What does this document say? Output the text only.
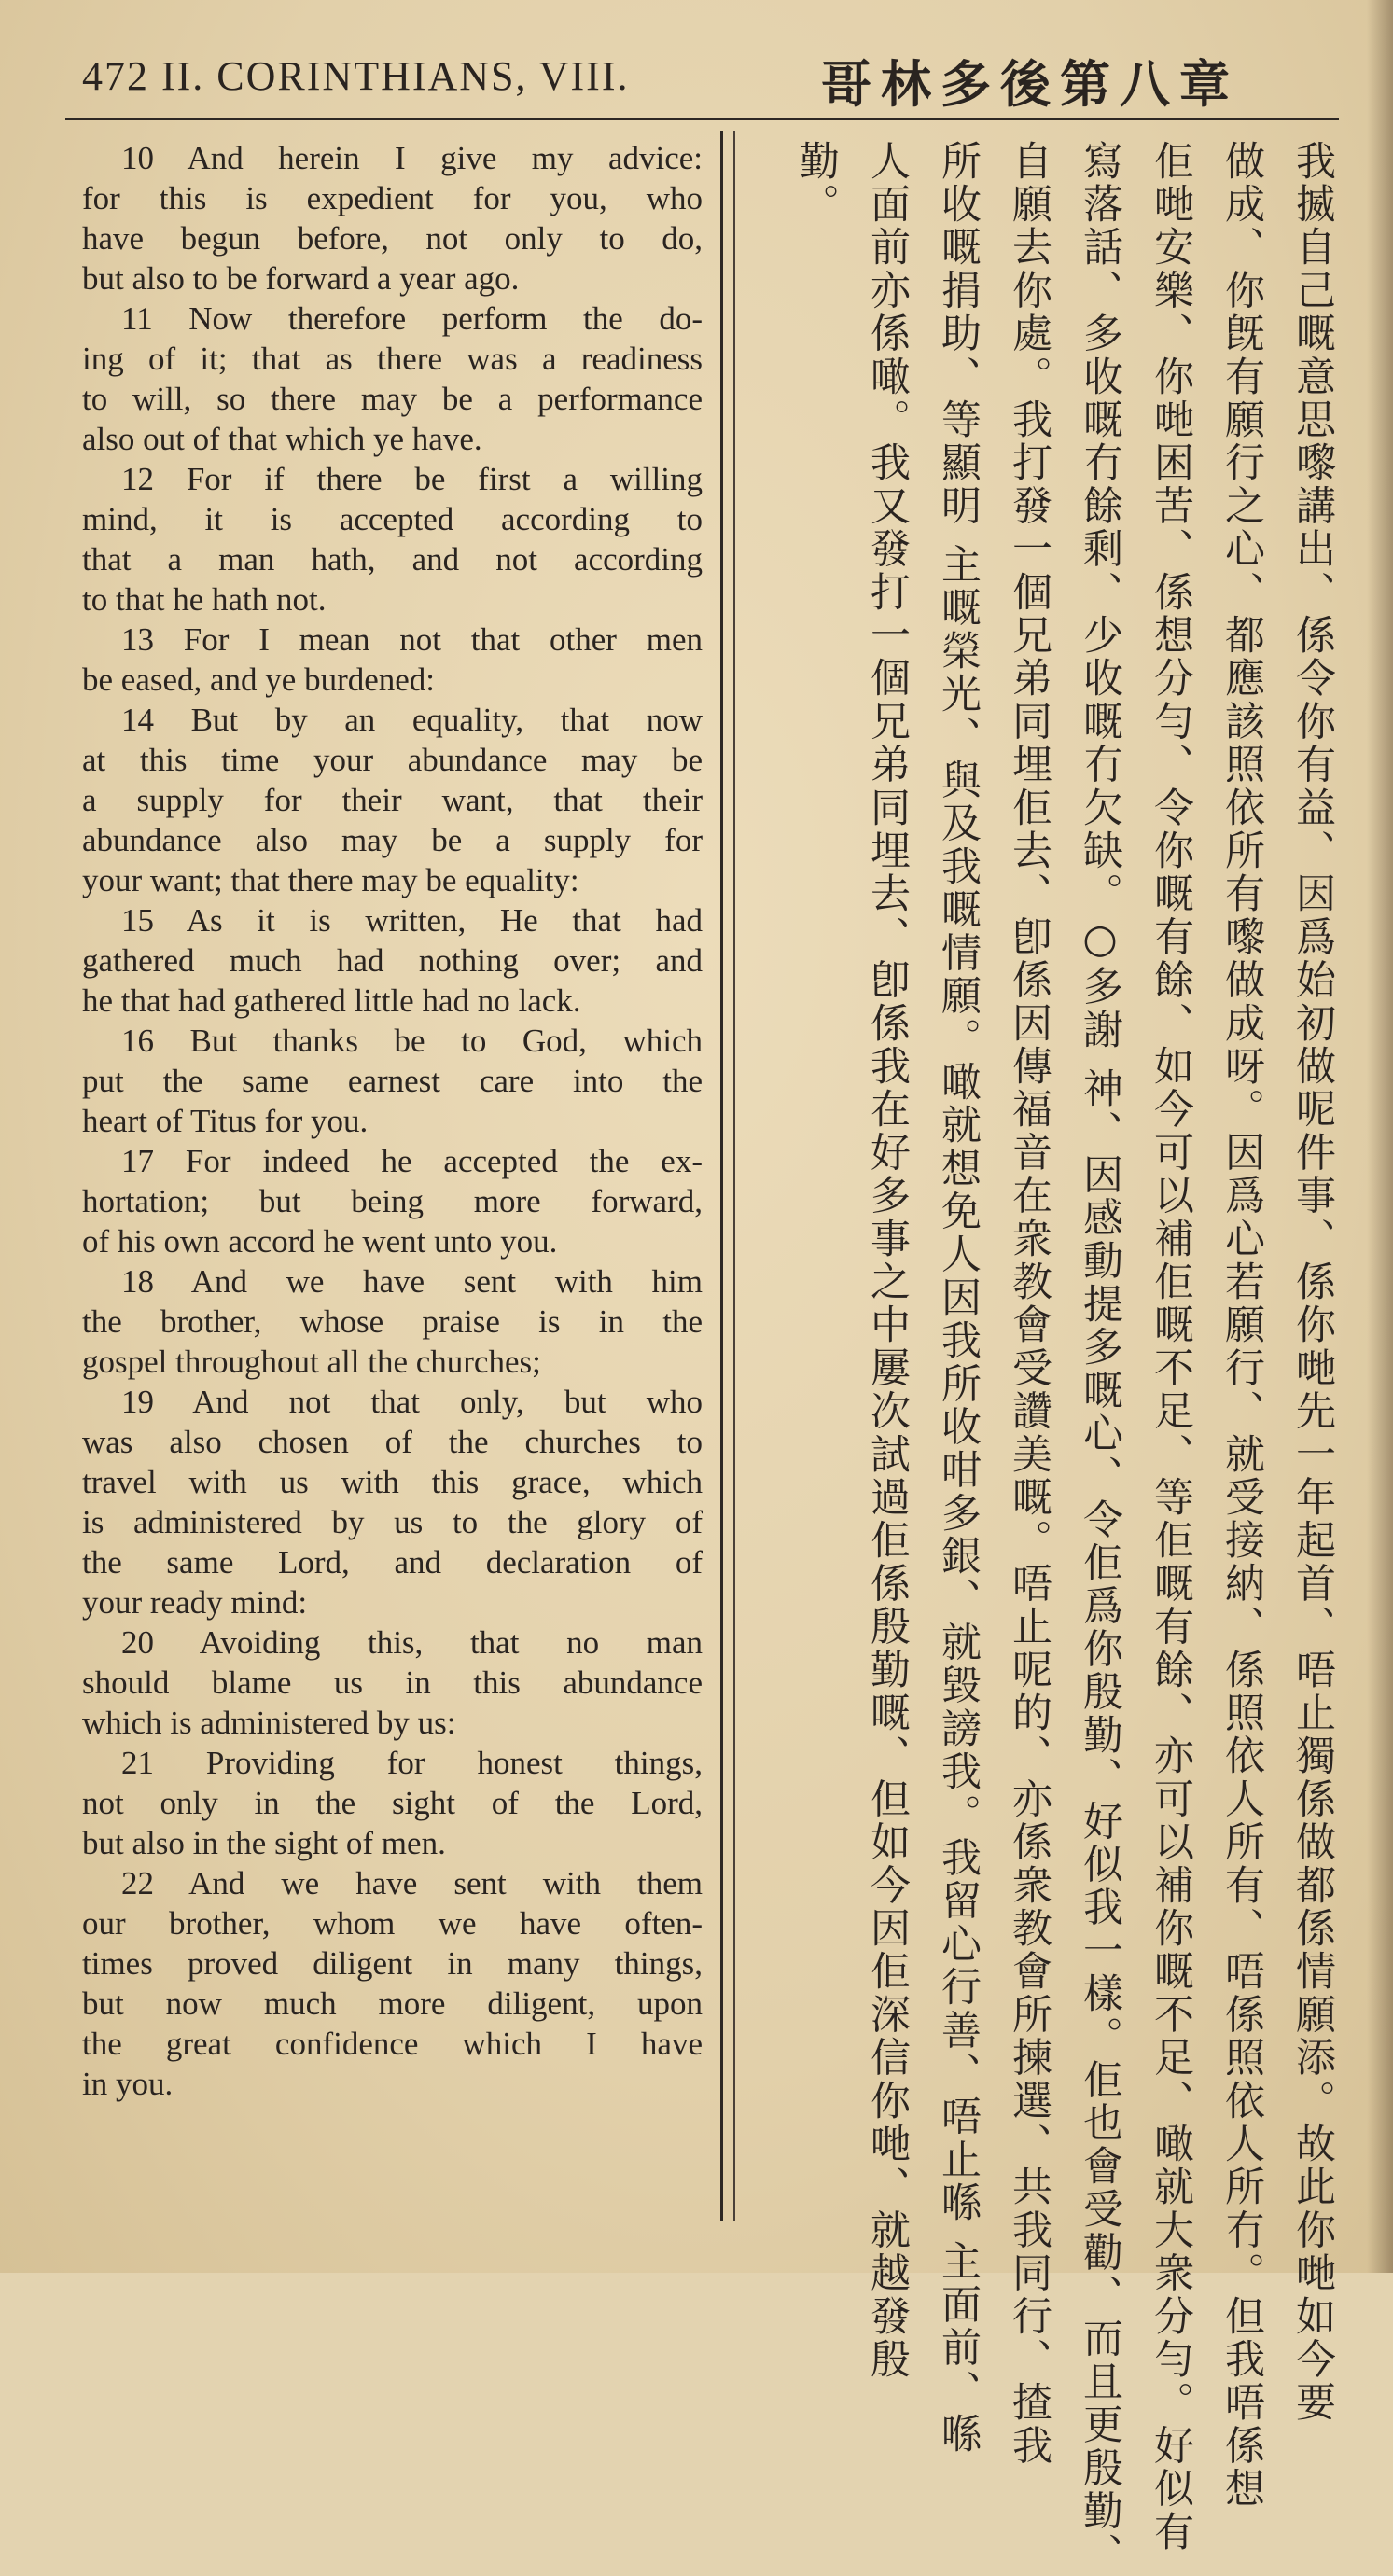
472 II. CORINTHIANS, VIII.	哥林多後第八章
10 And herein I give my advice:
for this is expedient for you, who
have begun before, not only to do,
but also to be forward a year ago.
11 Now therefore perform the do-
ing of it; that as there was a readiness
to will, so there may be a performance
also out of that which ye have.
12 For if there be first a willing
mind, it is accepted according to
that a man hath, and not according
to that he hath not.
13 For I mean not that other men
be eased, and ye burdened:
14 But by an equality, that now
at this time your abundance may be
a supply for their want, that their
abundance also may be a supply for
your want; that there may be equality:
15 As it is written, He that had
gathered much had nothing over; and
he that had gathered little had no lack.
16 But thanks be to God, which
put the same earnest care into the
heart of Titus for you.
17 For indeed he accepted the ex-
hortation; but being more forward,
of his own accord he went unto you.
18 And we have sent with him
the brother, whose praise is in the
gospel throughout all the churches;
19 And not that only, but who
was also chosen of the churches to
travel with us with this grace, which
is administered by us to the glory of
the same Lord, and declaration of
your ready mind:
20 Avoiding this, that no man
should blame us in this abundance
which is administered by us:
21 Providing for honest things,
not only in the sight of the Lord,
but also in the sight of men.
22 And we have sent with them
our brother, whom we have often-
times proved diligent in many things,
but now much more diligent, upon
the great confidence which I have
in you.	我揻自己嘅意思嚟講出、係令你有益、因爲始初做呢件事、係你哋先一年起首、唔止獨係做都係情願添。故此你哋如今要
做成、你旣有願行之心、都應該照依所有嚟做成呀。因爲心若願行、就受接納、係照依人所有、唔係照依人所冇。但我唔係想
佢哋安樂、你哋困苦、係想分勻、令你嘅有餘、如今可以補佢嘅不足、等佢嘅有餘、亦可以補你嘅不足、噉就大衆分勻。好似有
寫落話、多收嘅冇餘剩、少收嘅冇欠缺。○多謝 神、因感動提多嘅心、令佢爲你殷勤、好似我一樣。佢也會受勸、而且更殷勤、
自願去你處。我打發一個兄弟同埋佢去、卽係因傳福音在衆教會受讚美嘅。唔止呢的、亦係衆教會所揀選、共我同行、揸我
所收嘅捐助、等顯明 主嘅榮光、與及我嘅情願。噉就想免人因我所收咁多銀、就毀謗我。我留心行善、唔止喺 主面前、喺
人面前亦係噉。我又發打一個兄弟同埋去、卽係我在好多事之中屢次試過佢係殷勤嘅、但如今因佢深信你哋、就越發殷
勤。
